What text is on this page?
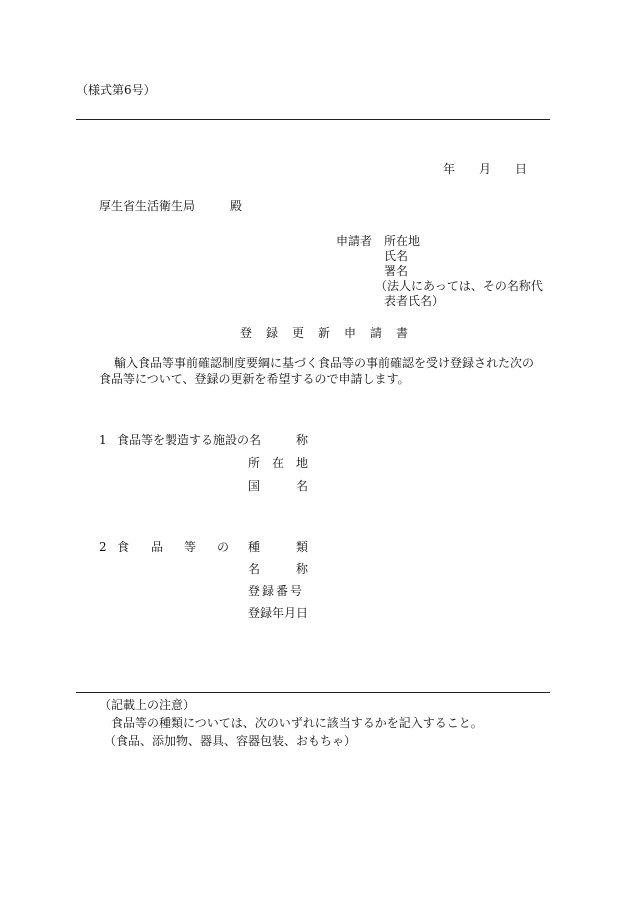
（様式第6号）
年 月 日
厚生省生活衛生局	殿
申請者 所在地
氏名
署名
（法人にあっては、その名称代
表者氏名）
登録更新申請書
輸入食品等事前確認制度要綱に基づく食品等の事前確認を受け登録された次の
食品等について、登録の更新を希望するので申請します。
1 食品等を製造する施設の名	称
所 在 地
国	名
2 食 品 等 の 種	類
名	称
登録番号
登録年月日
（記載上の注意）
食品等の種類については、次のいずれに該当するかを記入すること。
（食品、添加物、器具、容器包装、おもちゃ）
